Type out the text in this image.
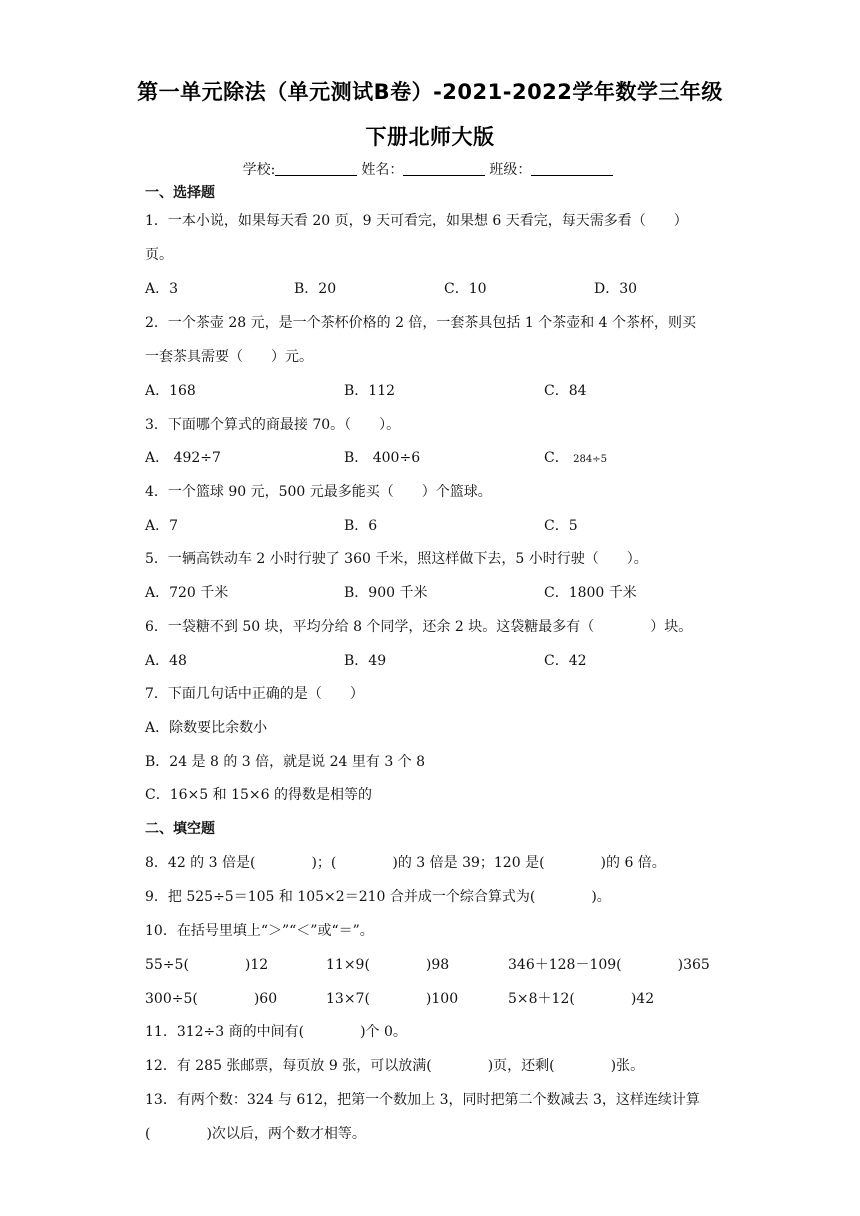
第一单元除法（单元测试B卷）-2021-2022学年数学三年级
下册北师大版
学校:	姓名：	班级：
一、选择题
1．一本小说，如果每天看 20 页，9 天可看完，如果想 6 天看完，每天需多看（　　）
页。
A．3	B．20	C．10	D．30
2．一个茶壶 28 元，是一个茶杯价格的 2 倍，一套茶具包括 1 个茶壶和 4 个茶杯，则买
一套茶具需要（　　）元。
A．168	B．112	C．84
3．下面哪个算式的商最接 70。（　　）。
A． 492÷7	B． 400÷6	C． 284÷5
4．一个篮球 90 元，500 元最多能买（　　）个篮球。
A．7	B．6	C．5
5．一辆高铁动车 2 小时行驶了 360 千米，照这样做下去，5 小时行驶（　　）。
A．720 千米	B．900 千米	C．1800 千米
6．一袋糖不到 50 块，平均分给 8 个同学，还余 2 块。这袋糖最多有（　　　　）块。
A．48	B．49	C．42
7．下面几句话中正确的是（　　）
A．除数要比余数小
B．24 是 8 的 3 倍，就是说 24 里有 3 个 8
C．16×5 和 15×6 的得数是相等的
二、填空题
8．42 的 3 倍是(　　　　)；(　　　　)的 3 倍是 39；120 是(　　　　)的 6 倍。
9．把 525÷5＝105 和 105×2＝210 合并成一个综合算式为(　　　　)。
10．在括号里填上“＞”“＜”或“＝”。
55÷5(　　　　)12	11×9(　　　　)98	346＋128－109(　　　　)365
300÷5(　　　　)60	13×7(　　　　)100	5×8＋12(　　　　)42
11．312÷3 商的中间有(　　　　)个 0。
12．有 285 张邮票，每页放 9 张，可以放满(　　　　)页，还剩(　　　　)张。
13．有两个数：324 与 612，把第一个数加上 3，同时把第二个数减去 3，这样连续计算
(　　　　)次以后，两个数才相等。
